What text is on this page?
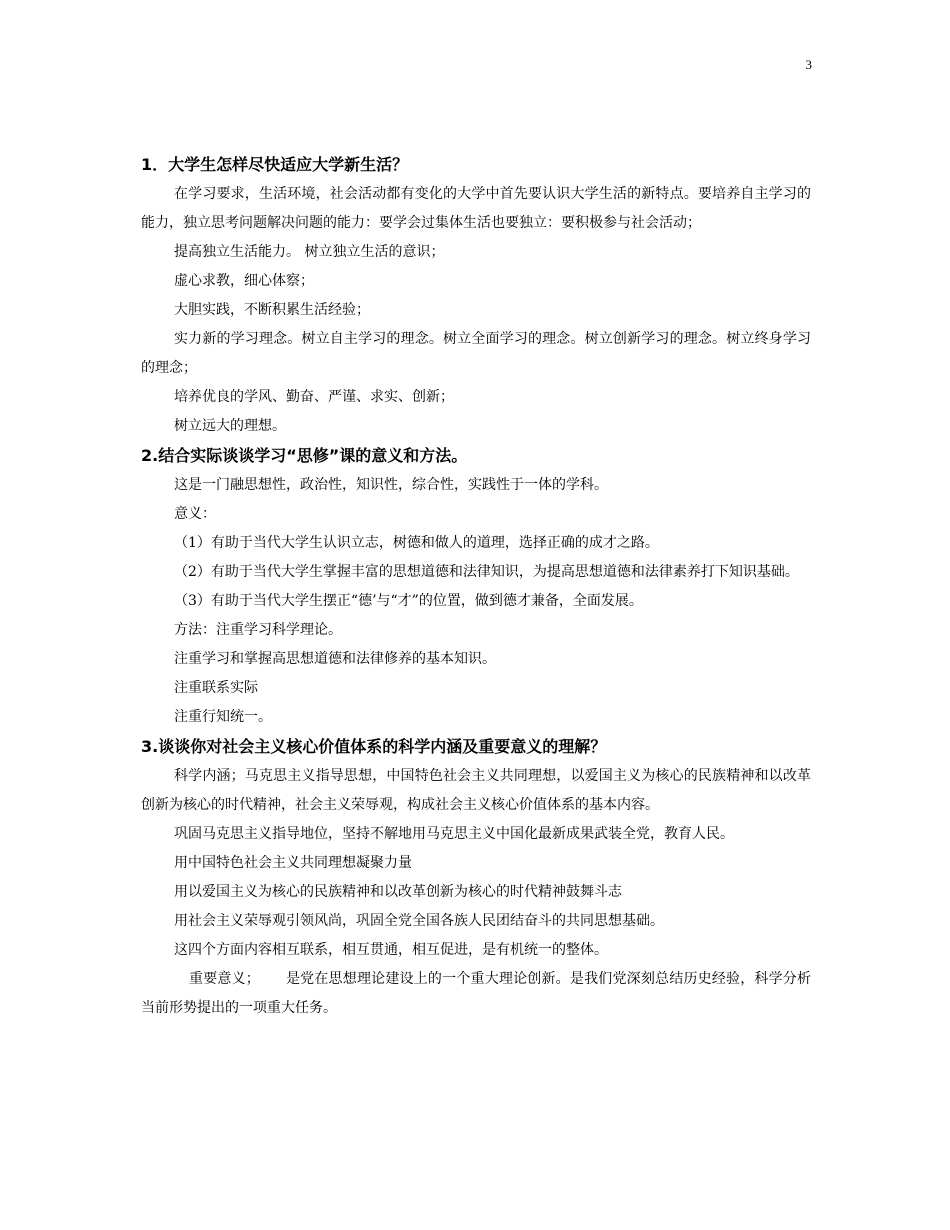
3
1．大学生怎样尽快适应大学新生活？

在学习要求，生活环境，社会活动都有变化的大学中首先要认识大学生活的新特点。要培养自主学习的能力，独立思考问题解决问题的能力：要学会过集体生活也要独立：要积极参与社会活动；

提高独立生活能力。 树立独立生活的意识；

虚心求教，细心体察；

大胆实践，不断积累生活经验；

实力新的学习理念。树立自主学习的理念。树立全面学习的理念。树立创新学习的理念。树立终身学习的理念；

培养优良的学风、勤奋、严谨、求实、创新；

树立远大的理想。

2.结合实际谈谈学习“思修”课的意义和方法。

这是一门融思想性，政治性，知识性，综合性，实践性于一体的学科。

意义：

（1）有助于当代大学生认识立志，树德和做人的道理，选择正确的成才之路。

（2）有助于当代大学生掌握丰富的思想道德和法律知识，为提高思想道德和法律素养打下知识基础。

（3）有助于当代大学生摆正“德’与“才”的位置，做到德才兼备，全面发展。

方法：注重学习科学理论。

注重学习和掌握高思想道德和法律修养的基本知识。

注重联系实际

注重行知统一。

3.谈谈你对社会主义核心价值体系的科学内涵及重要意义的理解？

科学内涵；马克思主义指导思想，中国特色社会主义共同理想，以爱国主义为核心的民族精神和以改革创新为核心的时代精神，社会主义荣辱观，构成社会主义核心价值体系的基本内容。

巩固马克思主义指导地位，坚持不解地用马克思主义中国化最新成果武装全党，教育人民。

用中国特色社会主义共同理想凝聚力量

用以爱国主义为核心的民族精神和以改革创新为核心的时代精神鼓舞斗志

用社会主义荣辱观引领风尚，巩固全党全国各族人民团结奋斗的共同思想基础。

这四个方面内容相互联系，相互贯通，相互促进，是有机统一的整体。

重要意义； 是党在思想理论建设上的一个重大理论创新。是我们党深刻总结历史经验，科学分析当前形势提出的一项重大任务。
